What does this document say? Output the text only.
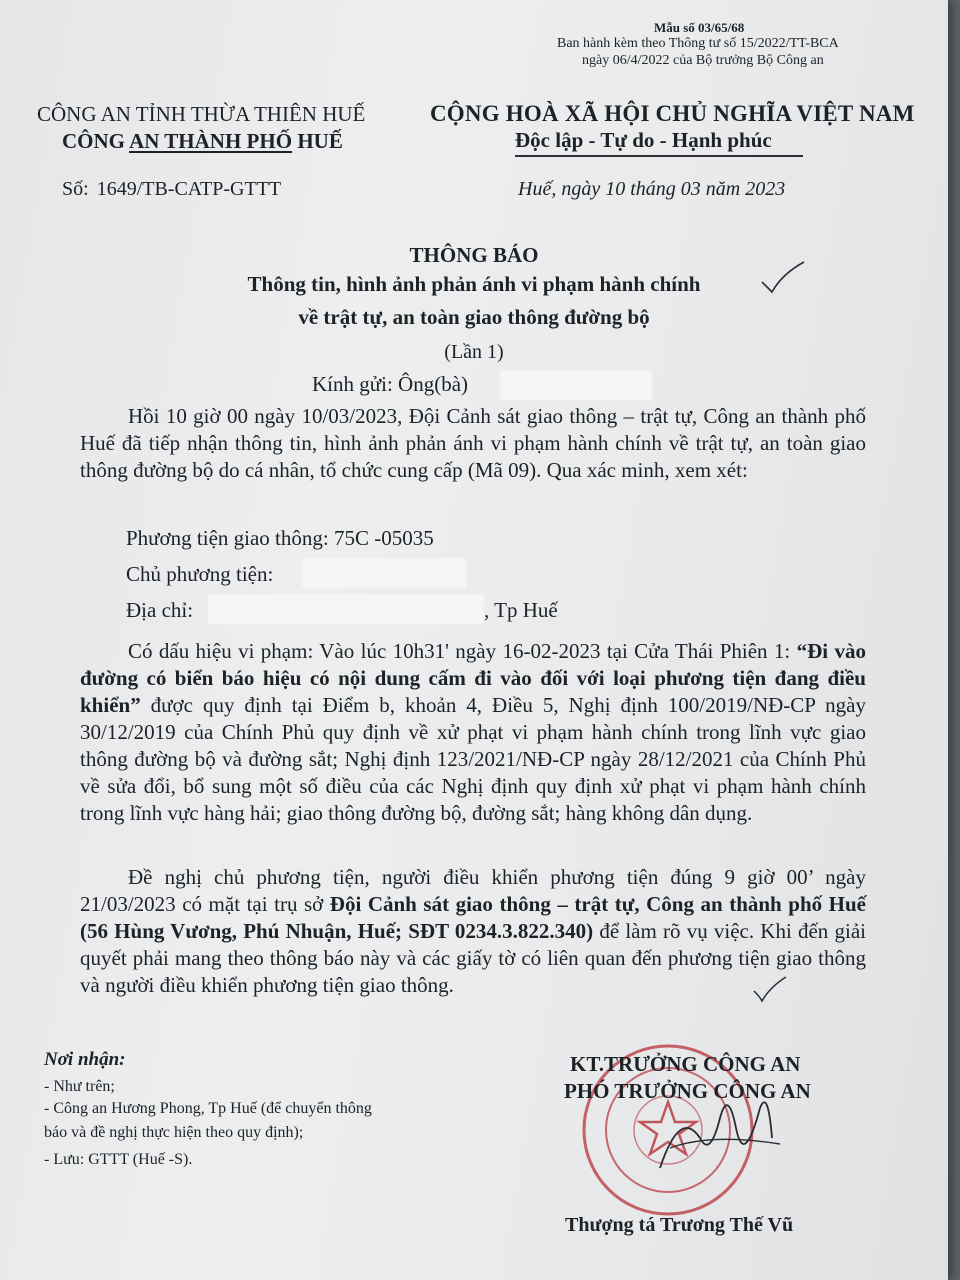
Mẫu số 03/65/68
Ban hành kèm theo Thông tư số 15/2022/TT-BCA
ngày 06/4/2022 của Bộ trưởng Bộ Công an
CÔNG AN TỈNH THỪA THIÊN HUẾ
CÔNG AN THÀNH PHỐ HUẾ
CỘNG HOÀ XÃ HỘI CHỦ NGHĨA VIỆT NAM
Độc lập - Tự do - Hạnh phúc
Số: 1649/TB-CATP-GTTT	Huế, ngày 10 tháng 03 năm 2023
THÔNG BÁO
Thông tin, hình ảnh phản ánh vi phạm hành chính
về trật tự, an toàn giao thông đường bộ
(Lần 1)
Kính gửi: Ông(bà)
Hồi 10 giờ 00 ngày 10/03/2023, Đội Cảnh sát giao thông – trật tự, Công an thành phố Huế đã tiếp nhận thông tin, hình ảnh phản ánh vi phạm hành chính về trật tự, an toàn giao thông đường bộ do cá nhân, tổ chức cung cấp (Mã 09). Qua xác minh, xem xét:
Phương tiện giao thông: 75C -05035
Chủ phương tiện:
Địa chỉ:	, Tp Huế
Có dấu hiệu vi phạm: Vào lúc 10h31' ngày 16-02-2023 tại Cửa Thái Phiên 1: “Đi vào đường có biển báo hiệu có nội dung cấm đi vào đối với loại phương tiện đang điều khiển” được quy định tại Điểm b, khoản 4, Điều 5, Nghị định 100/2019/NĐ-CP ngày 30/12/2019 của Chính Phủ quy định về xử phạt vi phạm hành chính trong lĩnh vực giao thông đường bộ và đường sắt; Nghị định 123/2021/NĐ-CP ngày 28/12/2021 của Chính Phủ về sửa đổi, bổ sung một số điều của các Nghị định quy định xử phạt vi phạm hành chính trong lĩnh vực hàng hải; giao thông đường bộ, đường sắt; hàng không dân dụng.
Đề nghị chủ phương tiện, người điều khiển phương tiện đúng 9 giờ 00’ ngày 21/03/2023 có mặt tại trụ sở Đội Cảnh sát giao thông – trật tự, Công an thành phố Huế (56 Hùng Vương, Phú Nhuận, Huế; SĐT 0234.3.822.340) để làm rõ vụ việc. Khi đến giải quyết phải mang theo thông báo này và các giấy tờ có liên quan đến phương tiện giao thông và người điều khiển phương tiện giao thông.
Nơi nhận:
- Như trên;
- Công an Hương Phong, Tp Huế (để chuyển thông
báo và đề nghị thực hiện theo quy định);
- Lưu: GTTT (Huế -S).
KT.TRƯỞNG CÔNG AN
PHÓ TRƯỞNG CÔNG AN
Thượng tá Trương Thế Vũ
